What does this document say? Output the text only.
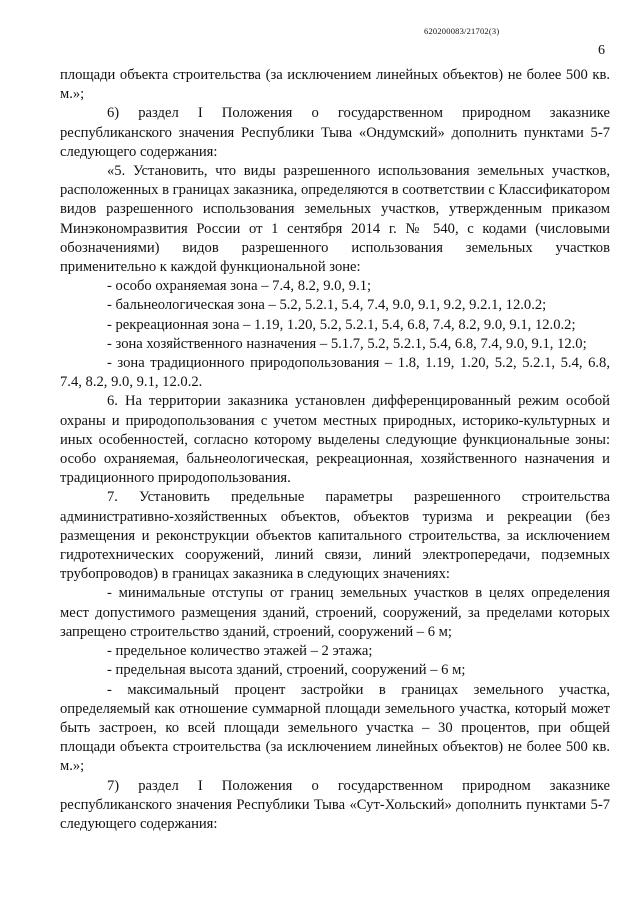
620200083/21702(3)
6

площади объекта строительства (за исключением линейных объектов) не более 500 кв. м.»;

6) раздел I Положения о государственном природном заказнике республиканского значения Республики Тыва «Ондумский» дополнить пунктами 5-7 следующего содержания:

«5. Установить, что виды разрешенного использования земельных участков, расположенных в границах заказника, определяются в соответствии с Классификатором видов разрешенного использования земельных участков, утвержденным приказом Минэкономразвития России от 1 сентября 2014 г. № 540, с кодами (числовыми обозначениями) видов разрешенного использования земельных участков применительно к каждой функциональной зоне:

- особо охраняемая зона – 7.4, 8.2, 9.0, 9.1;

- бальнеологическая зона – 5.2, 5.2.1, 5.4, 7.4, 9.0, 9.1, 9.2, 9.2.1, 12.0.2;

- рекреационная зона – 1.19, 1.20, 5.2, 5.2.1, 5.4, 6.8, 7.4, 8.2, 9.0, 9.1, 12.0.2;

- зона хозяйственного назначения – 5.1.7, 5.2, 5.2.1, 5.4, 6.8, 7.4, 9.0, 9.1, 12.0;

- зона традиционного природопользования – 1.8, 1.19, 1.20, 5.2, 5.2.1, 5.4, 6.8, 7.4, 8.2, 9.0, 9.1, 12.0.2.

6. На территории заказника установлен дифференцированный режим особой охраны и природопользования с учетом местных природных, историко-культурных и иных особенностей, согласно которому выделены следующие функциональные зоны: особо охраняемая, бальнеологическая, рекреационная, хозяйственного назначения и традиционного природопользования.

7. Установить предельные параметры разрешенного строительства административно-хозяйственных объектов, объектов туризма и рекреации (без размещения и реконструкции объектов капитального строительства, за исключением гидротехнических сооружений, линий связи, линий электропередачи, подземных трубопроводов) в границах заказника в следующих значениях:

- минимальные отступы от границ земельных участков в целях определения мест допустимого размещения зданий, строений, сооружений, за пределами которых запрещено строительство зданий, строений, сооружений – 6 м;

- предельное количество этажей – 2 этажа;

- предельная высота зданий, строений, сооружений – 6 м;

- максимальный процент застройки в границах земельного участка, определяемый как отношение суммарной площади земельного участка, который может быть застроен, ко всей площади земельного участка – 30 процентов, при общей площади объекта строительства (за исключением линейных объектов) не более 500 кв. м.»;

7) раздел I Положения о государственном природном заказнике республиканского значения Республики Тыва «Сут-Хольский» дополнить пунктами 5-7 следующего содержания:
